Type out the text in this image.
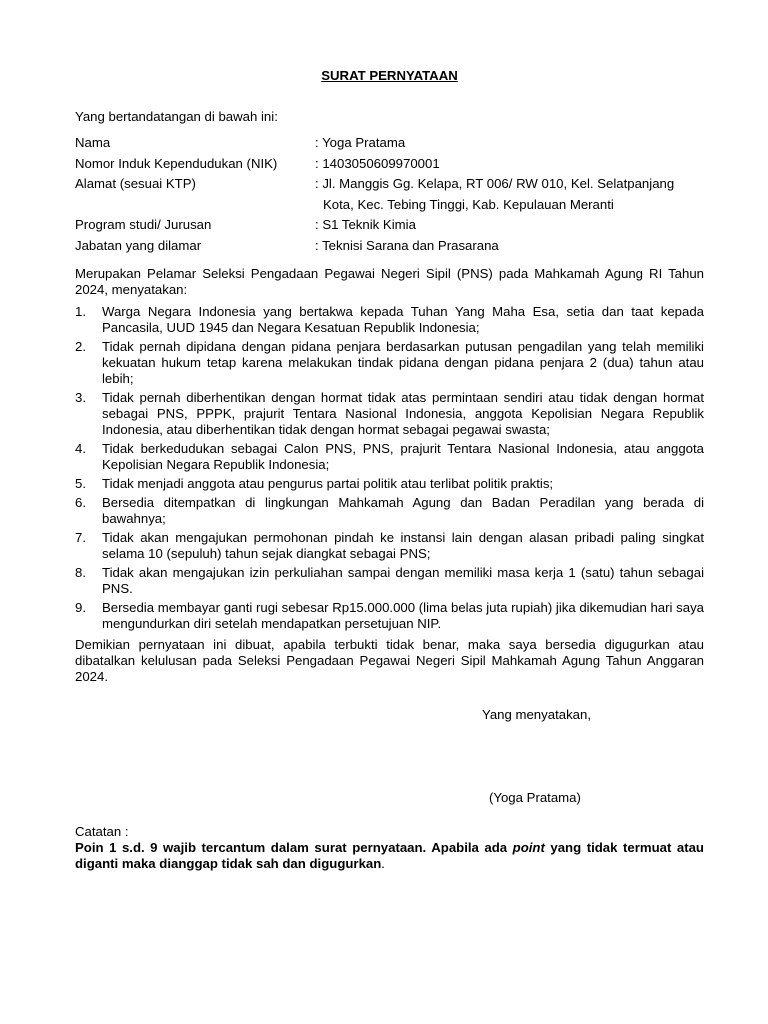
SURAT PERNYATAAN
Yang bertandatangan di bawah ini:
Nama	: Yoga Pratama
Nomor Induk Kependudukan (NIK)	: 1403050609970001
Alamat (sesuai KTP)	: Jl. Manggis Gg. Kelapa, RT 006/ RW 010, Kel. Selatpanjang
Kota, Kec. Tebing Tinggi, Kab. Kepulauan Meranti
Program studi/ Jurusan	: S1 Teknik Kimia
Jabatan yang dilamar	: Teknisi Sarana dan Prasarana
Merupakan Pelamar Seleksi Pengadaan Pegawai Negeri Sipil (PNS) pada Mahkamah Agung RI Tahun 2024, menyatakan:
1.	Warga Negara Indonesia yang bertakwa kepada Tuhan Yang Maha Esa, setia dan taat kepada Pancasila, UUD 1945 dan Negara Kesatuan Republik Indonesia;
2.	Tidak pernah dipidana dengan pidana penjara berdasarkan putusan pengadilan yang telah memiliki kekuatan hukum tetap karena melakukan tindak pidana dengan pidana penjara 2 (dua) tahun atau lebih;
3.	Tidak pernah diberhentikan dengan hormat tidak atas permintaan sendiri atau tidak dengan hormat sebagai PNS, PPPK, prajurit Tentara Nasional Indonesia, anggota Kepolisian Negara Republik Indonesia, atau diberhentikan tidak dengan hormat sebagai pegawai swasta;
4.	Tidak berkedudukan sebagai Calon PNS, PNS, prajurit Tentara Nasional Indonesia, atau anggota Kepolisian Negara Republik Indonesia;
5.	Tidak menjadi anggota atau pengurus partai politik atau terlibat politik praktis;
6.	Bersedia ditempatkan di lingkungan Mahkamah Agung dan Badan Peradilan yang berada di bawahnya;
7.	Tidak akan mengajukan permohonan pindah ke instansi lain dengan alasan pribadi paling singkat selama 10 (sepuluh) tahun sejak diangkat sebagai PNS;
8.	Tidak akan mengajukan izin perkuliahan sampai dengan memiliki masa kerja 1 (satu) tahun sebagai PNS.
9.	Bersedia membayar ganti rugi sebesar Rp15.000.000 (lima belas juta rupiah) jika dikemudian hari saya mengundurkan diri setelah mendapatkan persetujuan NIP.
Demikian pernyataan ini dibuat, apabila terbukti tidak benar, maka saya bersedia digugurkan atau dibatalkan kelulusan pada Seleksi Pengadaan Pegawai Negeri Sipil Mahkamah Agung Tahun Anggaran 2024.
Yang menyatakan,
(Yoga Pratama)
Catatan :
Poin 1 s.d. 9 wajib tercantum dalam surat pernyataan. Apabila ada point yang tidak termuat atau diganti maka dianggap tidak sah dan digugurkan.
